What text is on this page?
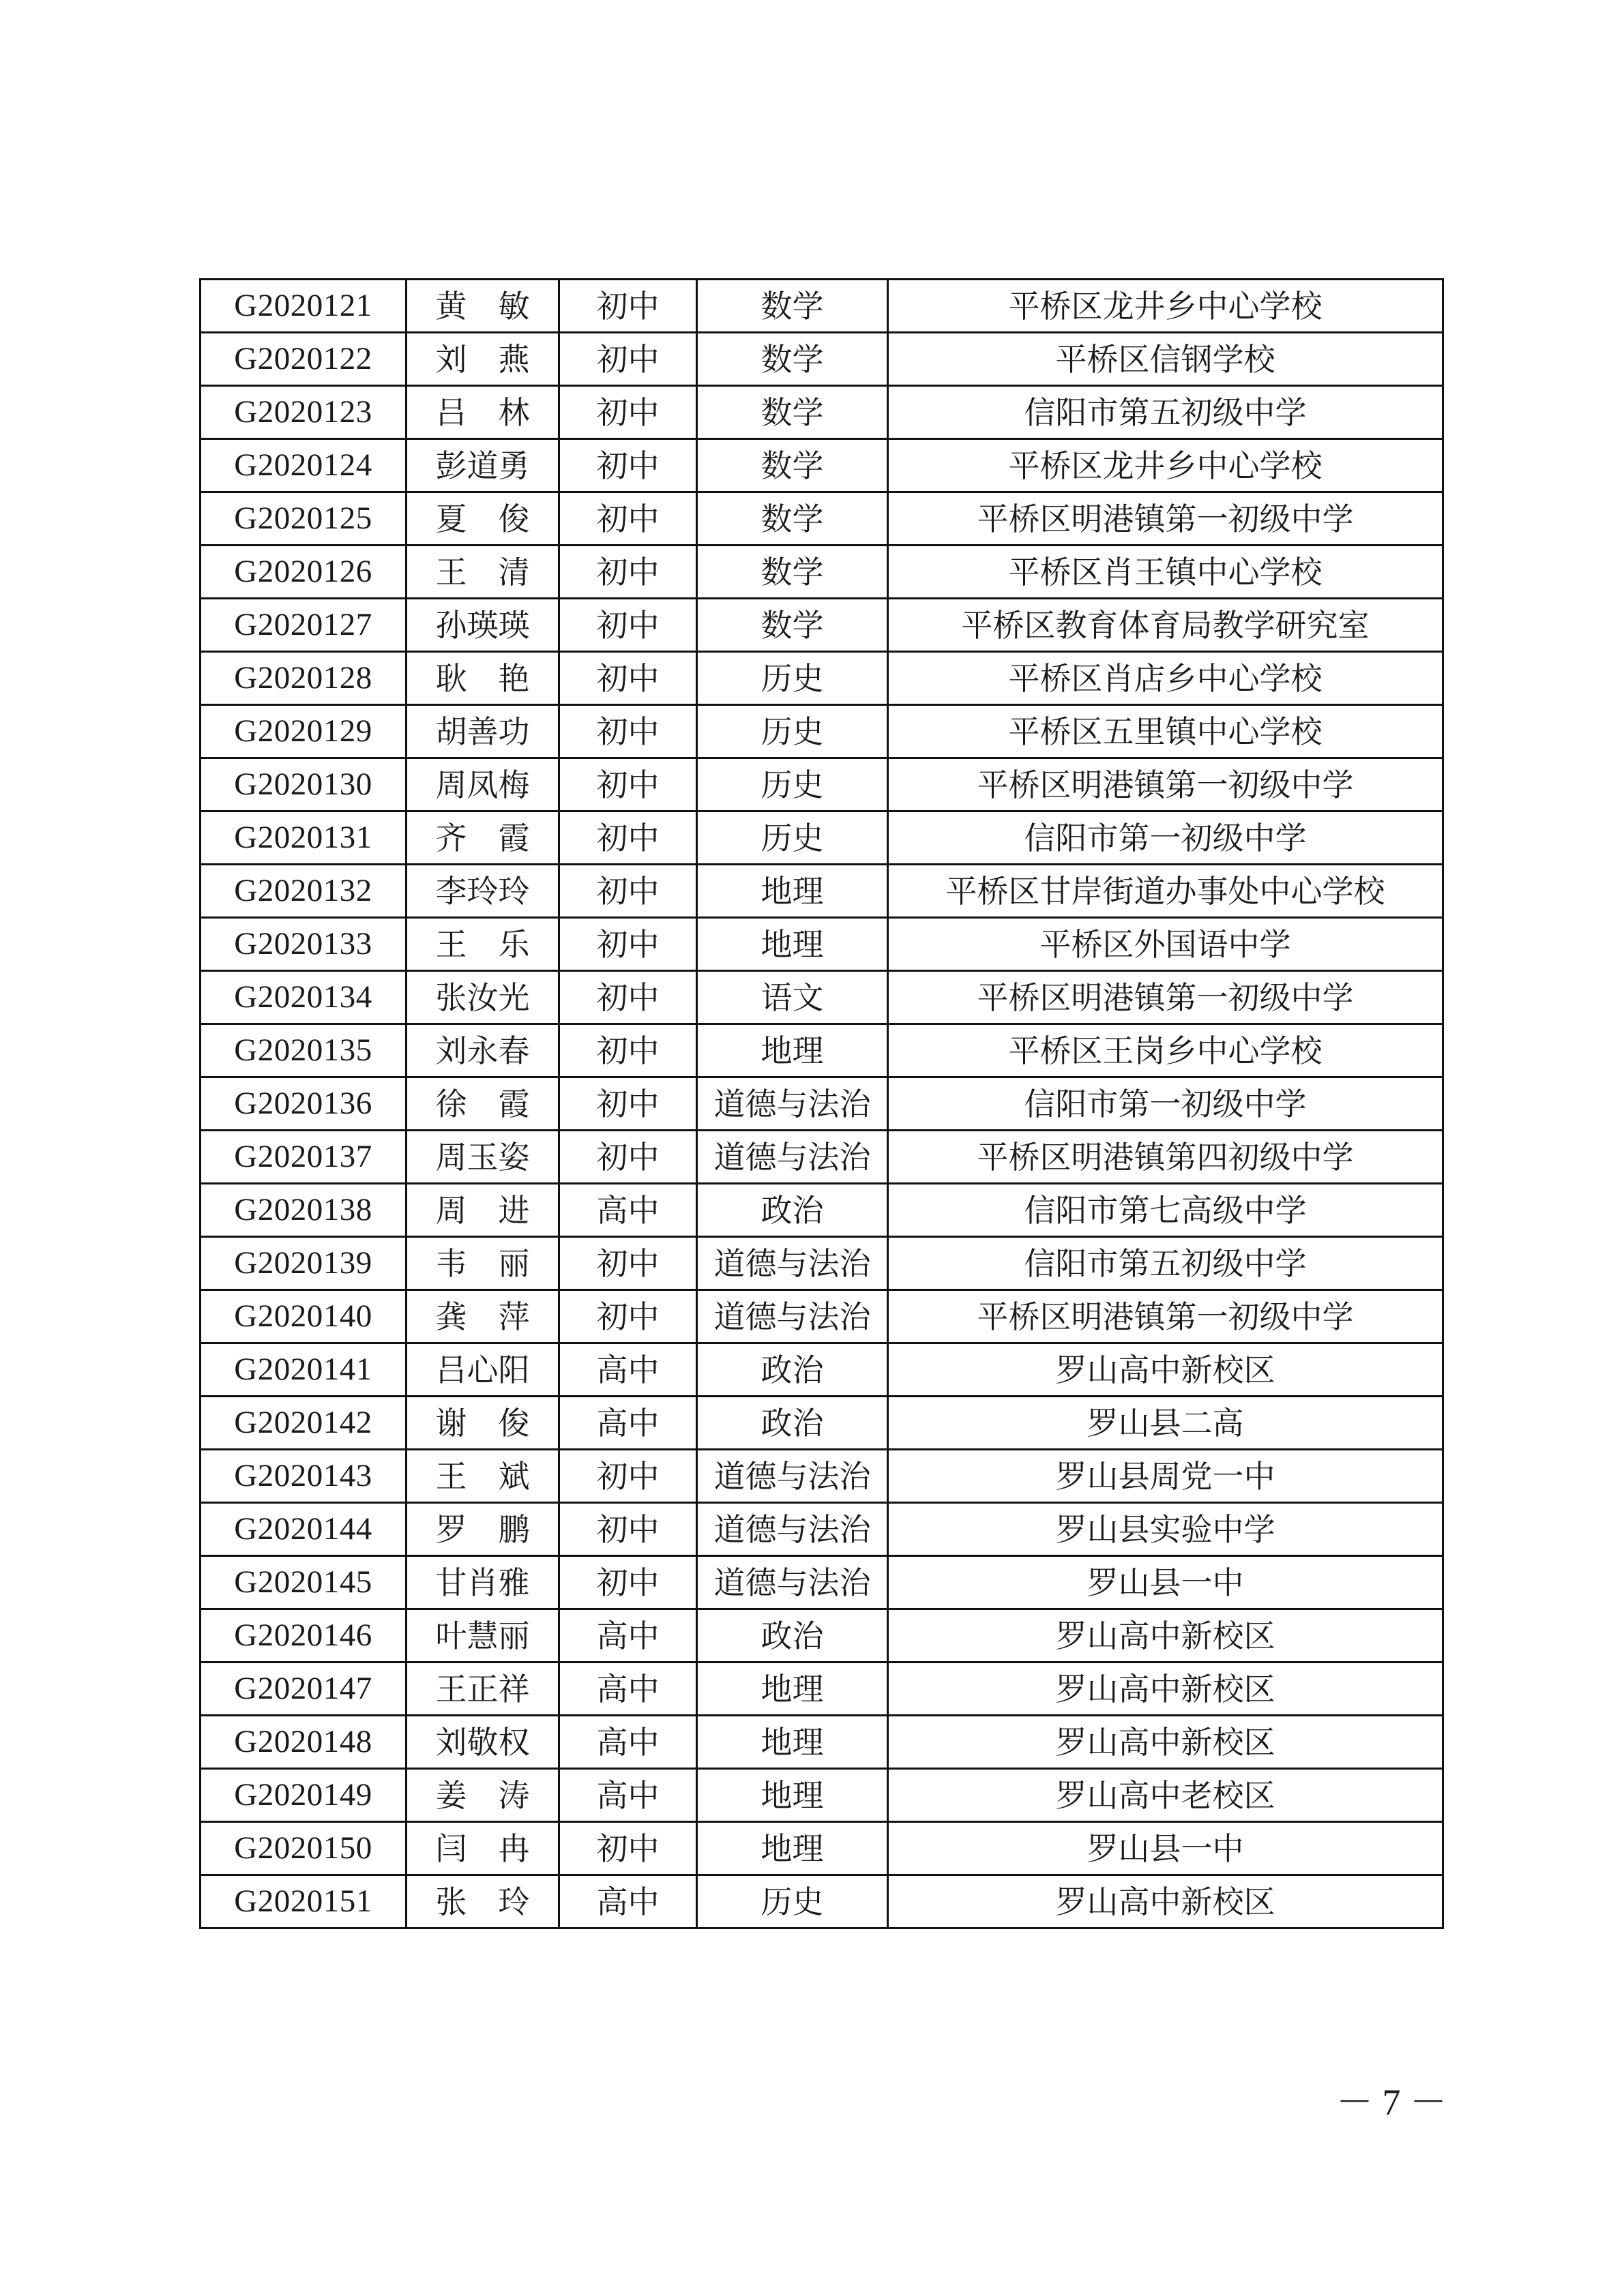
G2020121	黄　敏	初中	数学	平桥区龙井乡中心学校
G2020122	刘　燕	初中	数学	平桥区信钢学校
G2020123	吕　林	初中	数学	信阳市第五初级中学
G2020124	彭道勇	初中	数学	平桥区龙井乡中心学校
G2020125	夏　俊	初中	数学	平桥区明港镇第一初级中学
G2020126	王　清	初中	数学	平桥区肖王镇中心学校
G2020127	孙瑛瑛	初中	数学	平桥区教育体育局教学研究室
G2020128	耿　艳	初中	历史	平桥区肖店乡中心学校
G2020129	胡善功	初中	历史	平桥区五里镇中心学校
G2020130	周凤梅	初中	历史	平桥区明港镇第一初级中学
G2020131	齐　霞	初中	历史	信阳市第一初级中学
G2020132	李玲玲	初中	地理	平桥区甘岸街道办事处中心学校
G2020133	王　乐	初中	地理	平桥区外国语中学
G2020134	张汝光	初中	语文	平桥区明港镇第一初级中学
G2020135	刘永春	初中	地理	平桥区王岗乡中心学校
G2020136	徐　霞	初中	道德与法治	信阳市第一初级中学
G2020137	周玉姿	初中	道德与法治	平桥区明港镇第四初级中学
G2020138	周　进	高中	政治	信阳市第七高级中学
G2020139	韦　丽	初中	道德与法治	信阳市第五初级中学
G2020140	龚　萍	初中	道德与法治	平桥区明港镇第一初级中学
G2020141	吕心阳	高中	政治	罗山高中新校区
G2020142	谢　俊	高中	政治	罗山县二高
G2020143	王　斌	初中	道德与法治	罗山县周党一中
G2020144	罗　鹏	初中	道德与法治	罗山县实验中学
G2020145	甘肖雅	初中	道德与法治	罗山县一中
G2020146	叶慧丽	高中	政治	罗山高中新校区
G2020147	王正祥	高中	地理	罗山高中新校区
G2020148	刘敬权	高中	地理	罗山高中新校区
G2020149	姜　涛	高中	地理	罗山高中老校区
G2020150	闫　冉	初中	地理	罗山县一中
G2020151	张　玲	高中	历史	罗山高中新校区
－ 7 －
